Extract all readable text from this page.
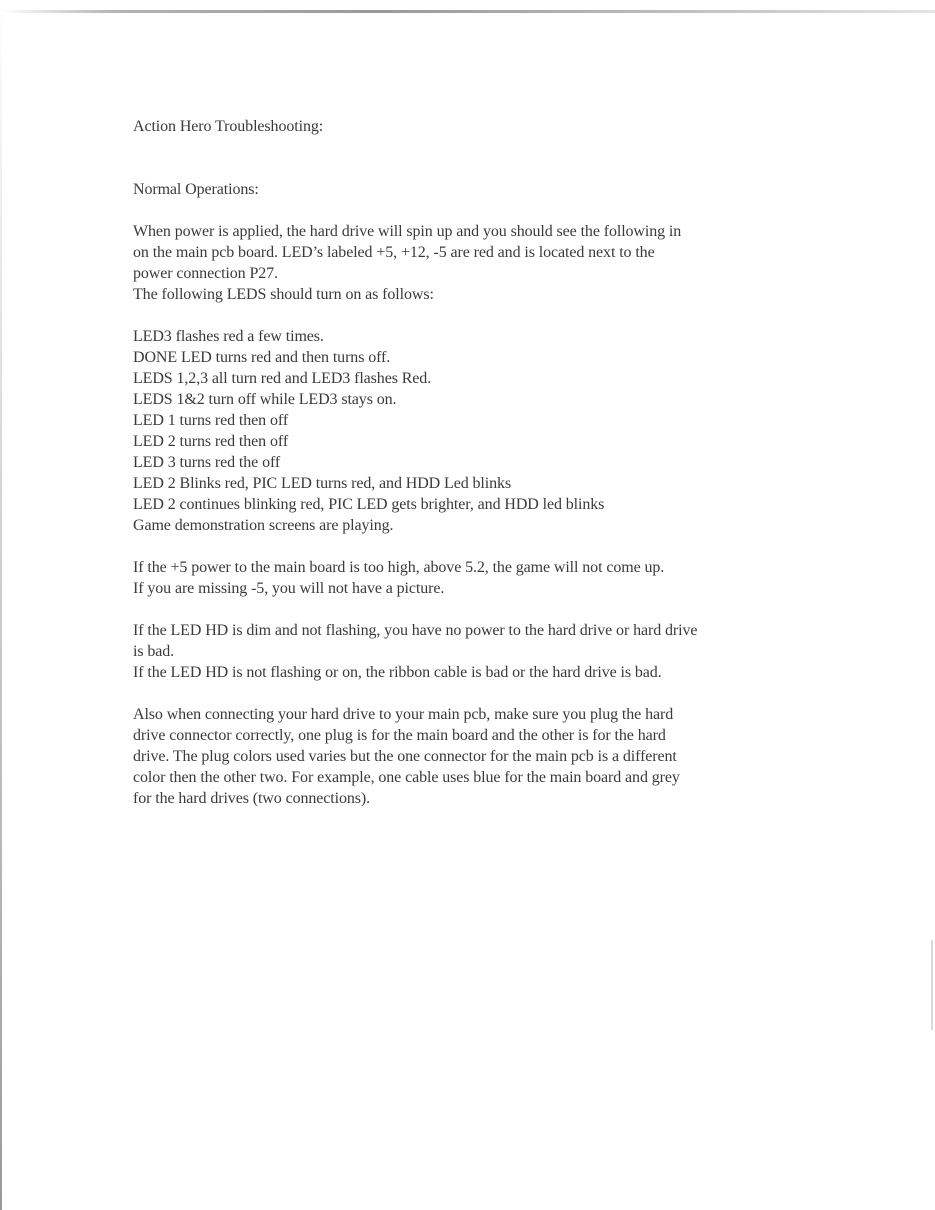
Action Hero Troubleshooting:

Normal Operations:

When power is applied, the hard drive will spin up and you should see the following in

on the main pcb board. LED’s labeled +5, +12, -5 are red and is located next to the

power connection P27.

The following LEDS should turn on as follows:

LED3 flashes red a few times.

DONE LED turns red and then turns off.

LEDS 1,2,3 all turn red and LED3 flashes Red.

LEDS 1&2 turn off while LED3 stays on.

LED 1 turns red then off

LED 2 turns red then off

LED 3 turns red the off

LED 2 Blinks red, PIC LED turns red, and HDD Led blinks

LED 2 continues blinking red, PIC LED gets brighter, and HDD led blinks

Game demonstration screens are playing.

If the +5 power to the main board is too high, above 5.2, the game will not come up.

If you are missing -5, you will not have a picture.

If the LED HD is dim and not flashing, you have no power to the hard drive or hard drive

is bad.

If the LED HD is not flashing or on, the ribbon cable is bad or the hard drive is bad.

Also when connecting your hard drive to your main pcb, make sure you plug the hard

drive connector correctly, one plug is for the main board and the other is for the hard

drive. The plug colors used varies but the one connector for the main pcb is a different

color then the other two. For example, one cable uses blue for the main board and grey

for the hard drives (two connections).
